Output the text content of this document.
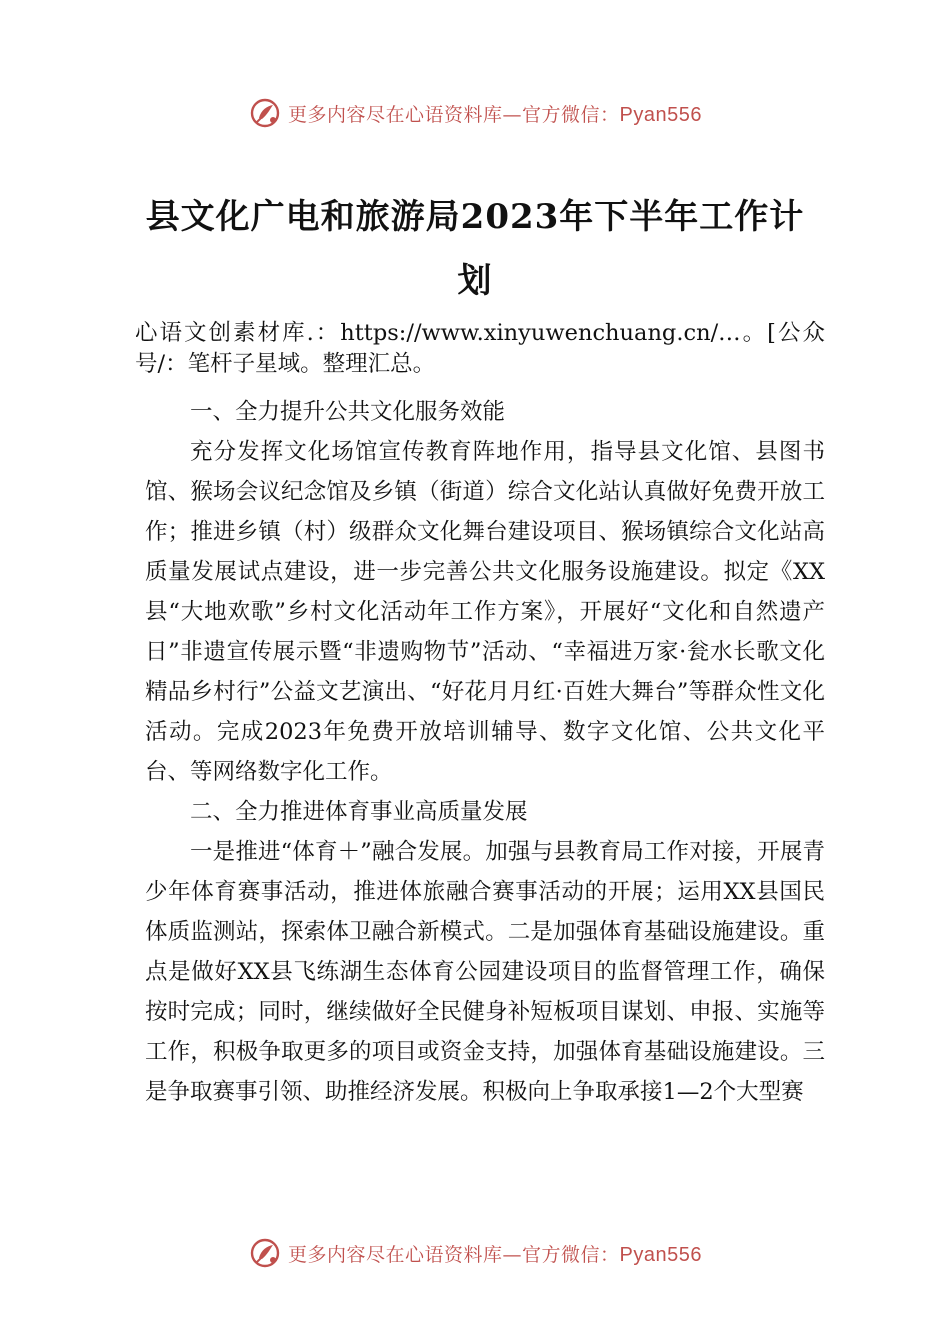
更多内容尽在心语资料库—官方微信：Pyan556
县文化广电和旅游局2023年下半年工作计划

心语文创素材库.：https://www.xinyuwenchuang.cn/…。[公众号/：笔杆子星域。整理汇总。

一、全力提升公共文化服务效能

充分发挥文化场馆宣传教育阵地作用，指导县文化馆、县图书馆、猴场会议纪念馆及乡镇（街道）综合文化站认真做好免费开放工作；推进乡镇（村）级群众文化舞台建设项目、猴场镇综合文化站高质量发展试点建设，进一步完善公共文化服务设施建设。拟定《XX县“大地欢歌”乡村文化活动年工作方案》，开展好“文化和自然遗产日”非遗宣传展示暨“非遗购物节”活动、“幸福进万家·瓮水长歌文化精品乡村行”公益文艺演出、“好花月月红·百姓大舞台”等群众性文化活动。完成2023年免费开放培训辅导、数字文化馆、公共文化平台、等网络数字化工作。

二、全力推进体育事业高质量发展

一是推进“体育＋”融合发展。加强与县教育局工作对接，开展青少年体育赛事活动，推进体旅融合赛事活动的开展；运用XX县国民体质监测站，探索体卫融合新模式。二是加强体育基础设施建设。重点是做好XX县飞练湖生态体育公园建设项目的监督管理工作，确保按时完成；同时，继续做好全民健身补短板项目谋划、申报、实施等工作，积极争取更多的项目或资金支持，加强体育基础设施建设。三是争取赛事引领、助推经济发展。积极向上争取承接1—2个大型赛

更多内容尽在心语资料库—官方微信：Pyan556
